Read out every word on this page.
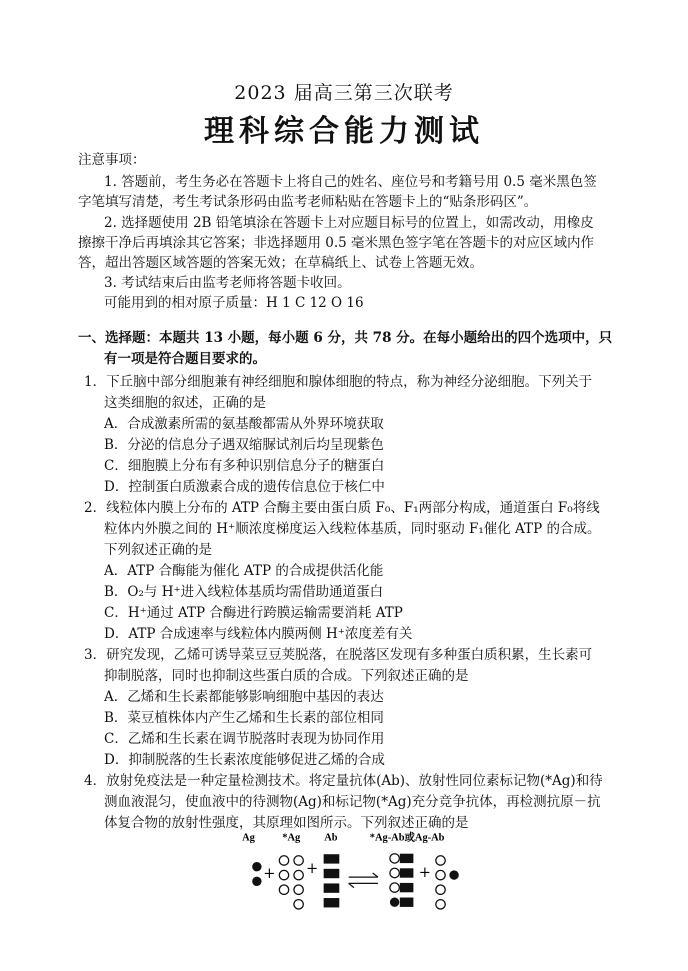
2023 届高三第三次联考
理科综合能力测试
注意事项：
1. 答题前，考生务必在答题卡上将自己的姓名、座位号和考籍号用 0.5 毫米黑色签
字笔填写清楚，考生考试条形码由监考老师粘贴在答题卡上的“贴条形码区”。
2. 选择题使用 2B 铅笔填涂在答题卡上对应题目标号的位置上，如需改动，用橡皮
擦擦干净后再填涂其它答案；非选择题用 0.5 毫米黑色签字笔在答题卡的对应区域内作
答，超出答题区域答题的答案无效；在草稿纸上、试卷上答题无效。
3. 考试结束后由监考老师将答题卡收回。
可能用到的相对原子质量：H 1 C 12 O 16
一、选择题：本题共 13 小题，每小题 6 分，共 78 分。在每小题给出的四个选项中，只
有一项是符合题目要求的。
1．下丘脑中部分细胞兼有神经细胞和腺体细胞的特点，称为神经分泌细胞。下列关于
这类细胞的叙述，正确的是
A．合成激素所需的氨基酸都需从外界环境获取
B．分泌的信息分子遇双缩脲试剂后均呈现紫色
C．细胞膜上分布有多种识别信息分子的糖蛋白
D．控制蛋白质激素合成的遗传信息位于核仁中
2．线粒体内膜上分布的 ATP 合酶主要由蛋白质 F₀、F₁两部分构成，通道蛋白 F₀将线
粒体内外膜之间的 H⁺顺浓度梯度运入线粒体基质，同时驱动 F₁催化 ATP 的合成。
下列叙述正确的是
A．ATP 合酶能为催化 ATP 的合成提供活化能
B．O₂与 H⁺进入线粒体基质均需借助通道蛋白
C．H⁺通过 ATP 合酶进行跨膜运输需要消耗 ATP
D．ATP 合成速率与线粒体内膜两侧 H⁺浓度差有关
3．研究发现，乙烯可诱导菜豆豆荚脱落，在脱落区发现有多种蛋白质积累，生长素可
抑制脱落，同时也抑制这些蛋白质的合成。下列叙述正确的是
A．乙烯和生长素都能够影响细胞中基因的表达
B．菜豆植株体内产生乙烯和生长素的部位相同
C．乙烯和生长素在调节脱落时表现为协同作用
D．抑制脱落的生长素浓度能够促进乙烯的合成
4．放射免疫法是一种定量检测技术。将定量抗体(Ab)、放射性同位素标记物(*Ag)和待
测血液混匀，使血液中的待测物(Ag)和标记物(*Ag)充分竞争抗体，再检测抗原－抗
体复合物的放射性强度，其原理如图所示。下列叙述正确的是
Ag	*Ag Ab	*Ag-Ab或Ag-Ab
+ +	+
